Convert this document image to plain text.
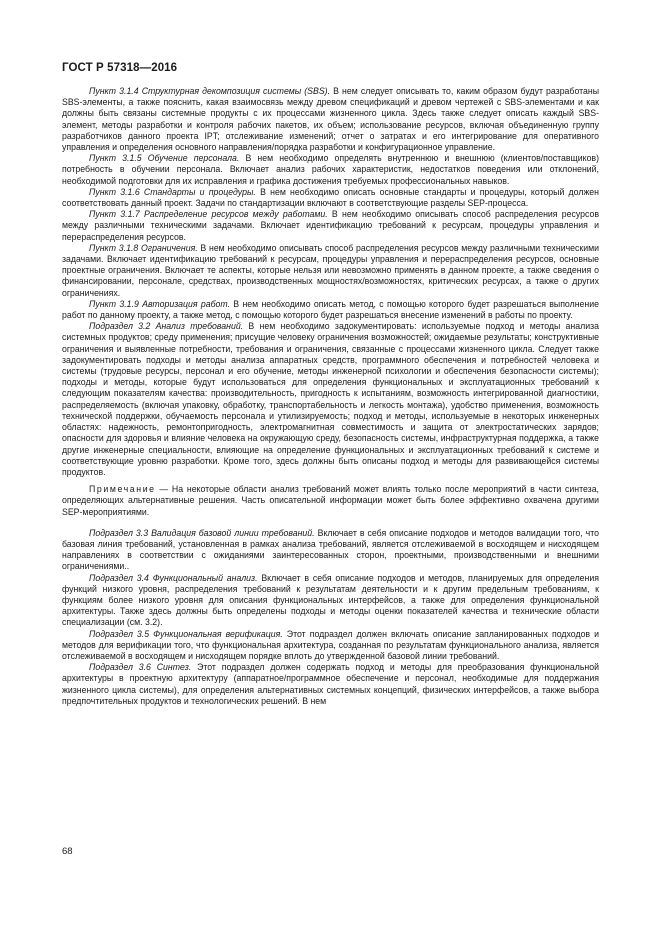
ГОСТ Р 57318—2016

Пункт 3.1.4 Структурная декомпозиция системы (SBS). В нем следует описывать то, каким образом будут разработаны SBS-элементы, а также пояснить, какая взаимосвязь между древом спецификаций и древом чертежей с SBS-элементами и как должны быть связаны системные продукты с их процессами жизненного цикла. Здесь также следует описать каждый SBS-элемент, методы разработки и контроля рабочих пакетов, их объем; использование ресурсов, включая объединенную группу разработчиков данного проекта IPT; отслеживание изменений; отчет о затратах и его интегрирование для оперативного управления и определения основного направления/порядка разработки и конфигурационное управление.

Пункт 3.1.5 Обучение персонала. В нем необходимо определять внутреннюю и внешнюю (клиентов/поставщиков) потребность в обучении персонала. Включает анализ рабочих характеристик, недостатков поведения или отклонений, необходимой подготовки для их исправления и графика достижения требуемых профессиональных навыков.

Пункт 3.1.6 Стандарты и процедуры. В нем необходимо описать основные стандарты и процедуры, который должен соответствовать данный проект. Задачи по стандартизации включают в соответствующие разделы SEP-процесса.

Пункт 3.1.7 Распределение ресурсов между работами. В нем необходимо описывать способ распределения ресурсов между различными техническими задачами. Включает идентификацию требований к ресурсам, процедуры управления и перераспределения ресурсов.

Пункт 3.1.8 Ограничения. В нем необходимо описывать способ распределения ресурсов между различными техническими задачами. Включает идентификацию требований к ресурсам, процедуры управления и перераспределения ресурсов, основные проектные ограничения. Включает те аспекты, которые нельзя или невозможно применять в данном проекте, а также сведения о финансировании, персонале, средствах, производственных мощностях/возможностях, критических ресурсах, а также о других ограничениях.

Пункт 3.1.9 Авторизация работ. В нем необходимо описать метод, с помощью которого будет разрешаться выполнение работ по данному проекту, а также метод, с помощью которого будет разрешаться внесение изменений в работы по проекту.

Подраздел 3.2 Анализ требований. В нем необходимо задокументировать: используемые подход и методы анализа системных продуктов; среду применения; присущие человеку ограничения возможностей; ожидаемые результаты; конструктивные ограничения и выявленные потребности, требования и ограничения, связанные с процессами жизненного цикла. Следует также задокументировать подходы и методы анализа аппаратных средств, программного обеспечения и потребностей человека и системы (трудовые ресурсы, персонал и его обучение, методы инженерной психологии и обеспечения безопасности системы); подходы и методы, которые будут использоваться для определения функциональных и эксплуатационных требований к следующим показателям качества: производительность, пригодность к испытаниям, возможность интегрированной диагностики, распределяемость (включая упаковку, обработку, транспортабельность и легкость монтажа), удобство применения, возможность технической поддержки, обучаемость персонала и утилизируемость; подход и методы, используемые в некоторых инженерных областях: надежность, ремонтопригодность, электромагнитная совместимость и защита от электростатических зарядов; опасности для здоровья и влияние человека на окружающую среду, безопасность системы, инфраструктурная поддержка, а также другие инженерные специальности, влияющие на определение функциональных и эксплуатационных требований к системе и соответствующие уровню разработки. Кроме того, здесь должны быть описаны подход и методы для развивающейся системы продуктов.

Примечание — На некоторые области анализ требований может влиять только после мероприятий в части синтеза, определяющих альтернативные решения. Часть описательной информации может быть более эффективно охвачена другими SEP-мероприятиями.

Подраздел 3.3 Валидация базовой линии требований. Включает в себя описание подходов и методов валидации того, что базовая линия требований, установленная в рамках анализа требований, является отслеживаемой в восходящем и нисходящем направлениях в соответствии с ожиданиями заинтересованных сторон, проектными, производственными и внешними ограничениями..

Подраздел 3.4 Функциональный анализ. Включает в себя описание подходов и методов, планируемых для определения функций низкого уровня, распределения требований к результатам деятельности и к другим предельным требованиям, к функциям более низкого уровня для описания функциональных интерфейсов, а также для определения функциональной архитектуры. Также здесь должны быть определены подходы и методы оценки показателей качества и технические области специализации (см. 3.2).

Подраздел 3.5 Функциональная верификация. Этот подраздел должен включать описание запланированных подходов и методов для верификации того, что функциональная архитектура, созданная по результатам функционального анализа, является отслеживаемой в восходящем и нисходящем порядке вплоть до утвержденной базовой линии требований.

Подраздел 3.6 Синтез. Этот подраздел должен содержать подход и методы для преобразования функциональной архитектуры в проектную архитектуру (аппаратное/программное обеспечение и персонал, необходимые для поддержания жизненного цикла системы), для определения альтернативных системных концепций, физических интерфейсов, а также выбора предпочтительных продуктов и технологических решений. В нем

68
